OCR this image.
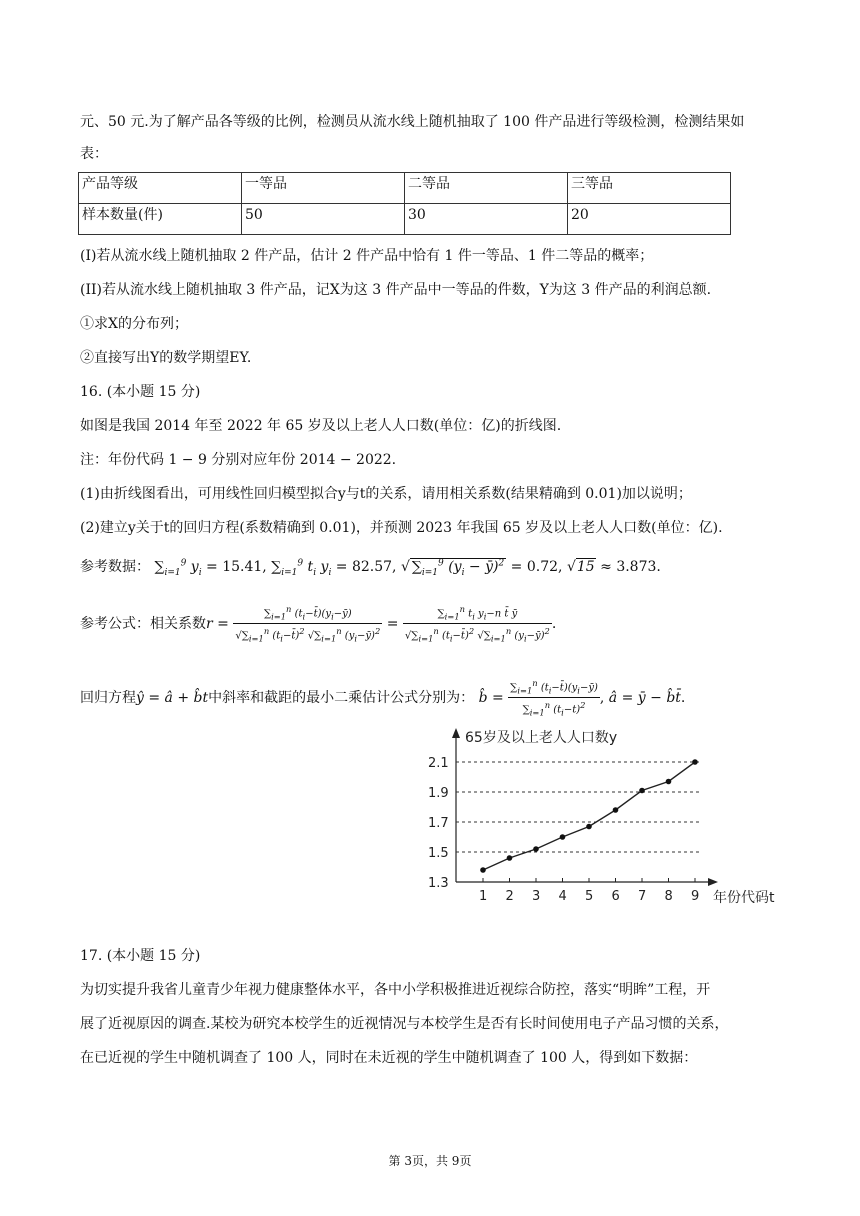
元、50 元.为了解产品各等级的比例，检测员从流水线上随机抽取了 100 件产品进行等级检测，检测结果如
表：
产品等级	一等品	二等品	三等品
样本数量(件)	50	30	20
(I)若从流水线上随机抽取 2 件产品，估计 2 件产品中恰有 1 件一等品、1 件二等品的概率；
(II)若从流水线上随机抽取 3 件产品，记X为这 3 件产品中一等品的件数，Y为这 3 件产品的利润总额.
①求X的分布列；
②直接写出Y的数学期望EY.
16. (本小题 15 分)
如图是我国 2014 年至 2022 年 65 岁及以上老人人口数(单位：亿)的折线图.
注：年份代码 1 − 9 分别对应年份 2014 − 2022.
(1)由折线图看出，可用线性回归模型拟合y与t的关系，请用相关系数(结果精确到 0.01)加以说明；
(2)建立y关于t的回归方程(系数精确到 0.01)，并预测 2023 年我国 65 岁及以上老人人口数(单位：亿).
参考数据： $\sum_{i=1}^9$ $y_i = 15.41$, $\sum_{i=1}^9$ $t_i$ $y_i = 82.57$, √ $\sum_{i=1}^9$ ($y_i$ − ȳ)$^2$ = 0.72, √15 ≈ 3.873.
参考公式：相关系数$r = \frac{\sum_{i=1}^n (t_i-t̄)(y_i-ȳ)}{√\sum_{i=1}^n (t_i-t̄)^2 √\sum_{i=1}^n (y_i-ȳ)^2} = \frac{\sum_{i=1}^n t_i y_i-n t̄ ȳ}{√\sum_{i=1}^n (t_i-t̄)^2 √\sum_{i=1}^n (y_i-ȳ)^2}$ .
回归方程ŷ = â + b̂t中斜率和截距的最小二乘估计公式分别为： b̂ = $\frac{\sum_{i=1}^n (t_i-t̄)(y_i-ȳ)}{\sum_{i=1}^n (t_i-t)^2}$ , â = ȳ − b̂t̄.
65岁及以上老人人口数y
年份代码t
1.3
1.5
1.7
1.9
2.1
1 2 3 4 5 6 7 8 9
17. (本小题 15 分)
为切实提升我省儿童青少年视力健康整体水平，各中小学积极推进近视综合防控，落实“明眸”工程，开
展了近视原因的调查.某校为研究本校学生的近视情况与本校学生是否有长时间使用电子产品习惯的关系，
在已近视的学生中随机调查了 100 人，同时在未近视的学生中随机调查了 100 人，得到如下数据：
第 3页，共 9页
